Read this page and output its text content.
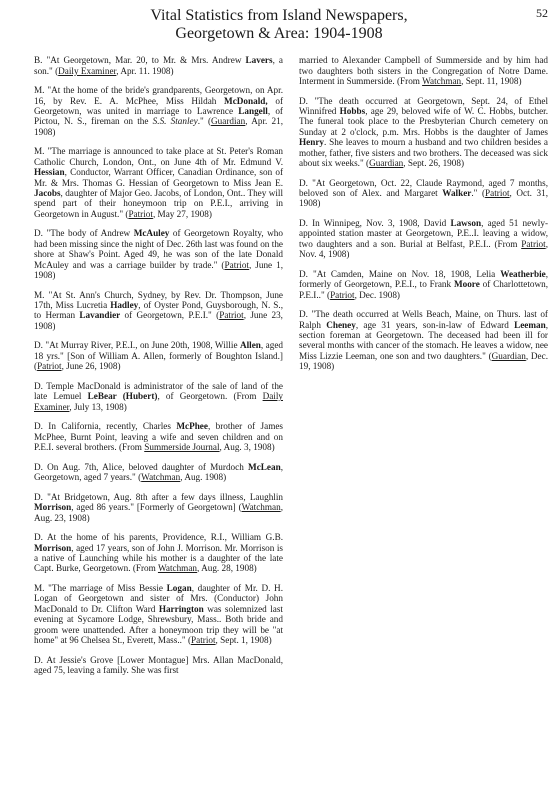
52

Vital Statistics from Island Newspapers,

Georgetown & Area: 1904-1908

B. "At Georgetown, Mar. 20, to Mr. & Mrs. Andrew Lavers, a son." (Daily Examiner, Apr. 11. 1908)

M. "At the home of the bride's grandparents, Georgetown, on Apr. 16, by Rev. E. A. McPhee, Miss Hildah McDonald, of Georgetown, was united in marriage to Lawrence Langell, of Pictou, N. S., fireman on the S.S. Stanley." (Guardian, Apr. 21, 1908)

M. "The marriage is announced to take place at St. Peter's Roman Catholic Church, London, Ont., on June 4th of Mr. Edmund V. Hessian, Conductor, Warrant Officer, Canadian Ordinance, son of Mr. & Mrs. Thomas G. Hessian of Georgetown to Miss Jean E. Jacobs, daughter of Major Geo. Jacobs, of London, Ont.. They will spend part of their honeymoon trip on P.E.I., arriving in Georgetown in August." (Patriot, May 27, 1908)

D. "The body of Andrew McAuley of Georgetown Royalty, who had been missing since the night of Dec. 26th last was found on the shore at Shaw's Point. Aged 49, he was son of the late Donald McAuley and was a carriage builder by trade." (Patriot, June 1, 1908)

M. "At St. Ann's Church, Sydney, by Rev. Dr. Thompson, June 17th, Miss Lucretia Hadley, of Oyster Pond, Guysborough, N. S., to Herman Lavandier of Georgetown, P.E.I." (Patriot, June 23, 1908)

D. "At Murray River, P.E.I., on June 20th, 1908, Willie Allen, aged 18 yrs." [Son of William A. Allen, formerly of Boughton Island.] (Patriot, June 26, 1908)

D. Temple MacDonald is administrator of the sale of land of the late Lemuel LeBear (Hubert), of Georgetown. (From Daily Examiner, July 13, 1908)

D. In California, recently, Charles McPhee, brother of James McPhee, Burnt Point, leaving a wife and seven children and on P.E.I. several brothers. (From Summerside Journal, Aug. 3, 1908)

D. On Aug. 7th, Alice, beloved daughter of Murdoch McLean, Georgetown, aged 7 years." (Watchman, Aug. 1908)

D. "At Bridgetown, Aug. 8th after a few days illness, Laughlin Morrison, aged 86 years." [Formerly of Georgetown] (Watchman, Aug. 23, 1908)

D. At the home of his parents, Providence, R.I., William G.B. Morrison, aged 17 years, son of John J. Morrison. Mr. Morrison is a native of Launching while his mother is a daughter of the late Capt. Burke, Georgetown. (From Watchman, Aug. 28, 1908)

M. "The marriage of Miss Bessie Logan, daughter of Mr. D. H. Logan of Georgetown and sister of Mrs. (Conductor) John MacDonald to Dr. Clifton Ward Harrington was solemnized last evening at Sycamore Lodge, Shrewsbury, Mass.. Both bride and groom were unattended. After a honeymoon trip they will be "at home" at 96 Chelsea St., Everett, Mass.." (Patriot, Sept. 1, 1908)

D. At Jessie's Grove [Lower Montague] Mrs. Allan MacDonald, aged 75, leaving a family. She was first

married to Alexander Campbell of Summerside and by him had two daughters both sisters in the Congregation of Notre Dame. Interment in Summerside. (From Watchman, Sept. 11, 1908)

D. "The death occurred at Georgetown, Sept. 24, of Ethel Winnifred Hobbs, age 29, beloved wife of W. C. Hobbs, butcher. The funeral took place to the Presbyterian Church cemetery on Sunday at 2 o'clock, p.m. Mrs. Hobbs is the daughter of James Henry. She leaves to mourn a husband and two children besides a mother, father, five sisters and two brothers. The deceased was sick about six weeks." (Guardian, Sept. 26, 1908)

D. "At Georgetown, Oct. 22, Claude Raymond, aged 7 months, beloved son of Alex. and Margaret Walker." (Patriot, Oct. 31, 1908)

D. In Winnipeg, Nov. 3, 1908, David Lawson, aged 51 newly-appointed station master at Georgetown, P.E..I. leaving a widow, two daughters and a son. Burial at Belfast, P.E.I.. (From Patriot, Nov. 4, 1908)

D. "At Camden, Maine on Nov. 18, 1908, Lelia Weatherbie, formerly of Georgetown, P.E.I., to Frank Moore of Charlottetown, P.E.I.." (Patriot, Dec. 1908)

D. "The death occurred at Wells Beach, Maine, on Thurs. last of Ralph Cheney, age 31 years, son-in-law of Edward Leeman, section foreman at Georgetown. The deceased had been ill for several months with cancer of the stomach. He leaves a widow, nee Miss Lizzie Leeman, one son and two daughters." (Guardian, Dec. 19, 1908)
